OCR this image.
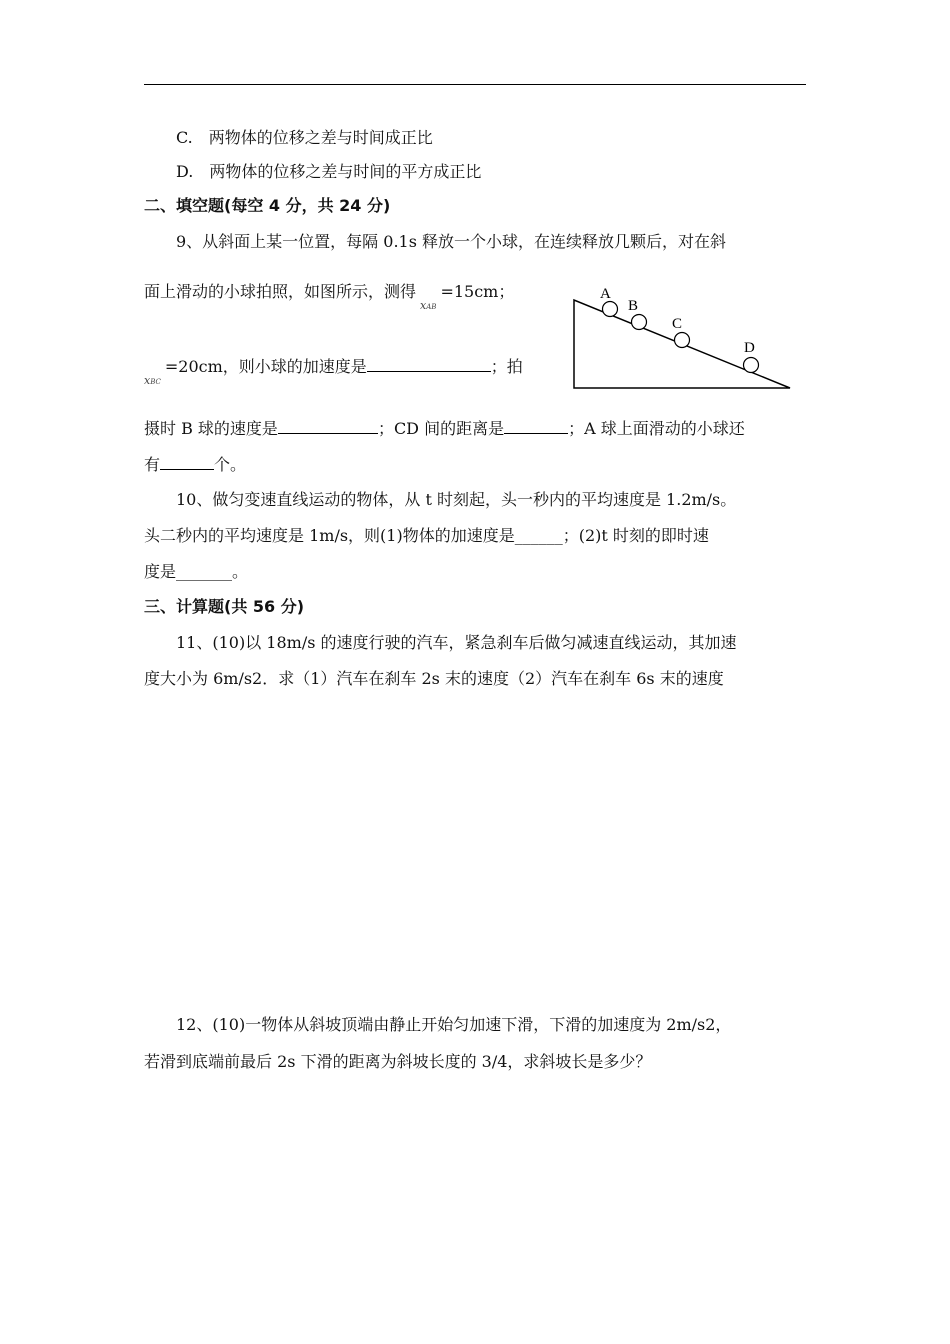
C.　两物体的位移之差与时间成正比
D.　两物体的位移之差与时间的平方成正比
二、填空题(每空 4 分，共 24 分)
9、从斜面上某一位置，每隔 0.1s 释放一个小球，在连续释放几颗后，对在斜
面上滑动的小球拍照，如图所示，测得$_{xAB}$=15cm；
$_{xBC}$=20cm，则小球的加速度是	；拍
摄时 B 球的速度是	；CD 间的距离是	；A 球上面滑动的小球还
有	个。
A
B
C
D
10、做匀变速直线运动的物体，从 t 时刻起，头一秒内的平均速度是 1.2m/s。
头二秒内的平均速度是 1m/s，则(1)物体的加速度是______；(2)t 时刻的即时速
度是_______。
三、计算题(共 56 分)
11、(10)以 18m/s 的速度行驶的汽车，紧急刹车后做匀减速直线运动，其加速
度大小为 6m/s2．求（1）汽车在刹车 2s 末的速度（2）汽车在刹车 6s 末的速度
12、(10)一物体从斜坡顶端由静止开始匀加速下滑，下滑的加速度为 2m/s2，
若滑到底端前最后 2s 下滑的距离为斜坡长度的 3/4，求斜坡长是多少？
